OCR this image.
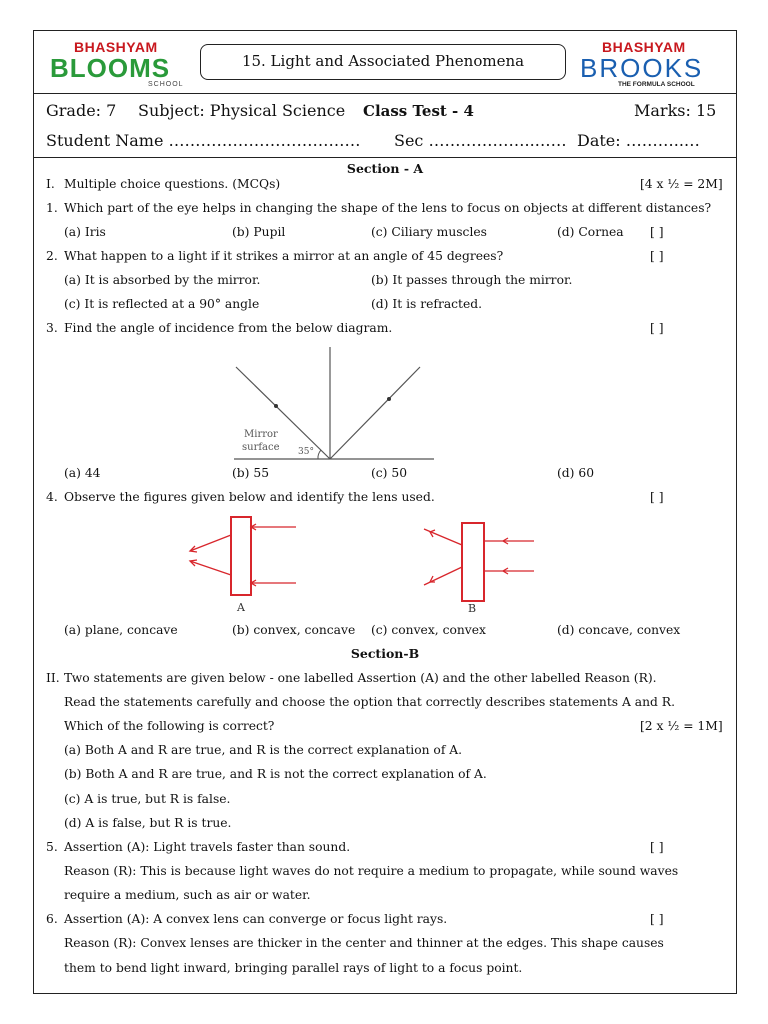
BHASHYAM
BLOOMS
SCHOOL
15. Light and Associated Phenomena
BHASHYAM
BROOKS
THE FORMULA SCHOOL
Grade: 7 Subject: Physical Science Class Test - 4	Marks: 15
Student Name ……………………………… Sec ………………..…… Date: ………..…
Section - A
I. Multiple choice questions. (MCQs)	[4 x ½ = 2M]
1. Which part of the eye helps in changing the shape of the lens to focus on objects at different distances?
(a) Iris	(b) Pupil	(c) Ciliary muscles	(d) Cornea [ ]
2. What happen to a light if it strikes a mirror at an angle of 45 degrees?	[ ]
(a) It is absorbed by the mirror.	(b) It passes through the mirror.
(c) It is reflected at a 90° angle	(d) It is refracted.
3. Find the angle of incidence from the below diagram.	[ ]
Mirror
surface 35°
(a) 44	(b) 55	(c) 50	(d) 60
4. Observe the figures given below and identify the lens used.	[ ]
A	B
(a) plane, concave	(b) convex, concave (c) convex, convex	(d) concave, convex
Section-B
II. Two statements are given below - one labelled Assertion (A) and the other labelled Reason (R).
Read the statements carefully and choose the option that correctly describes statements A and R.
Which of the following is correct?	[2 x ½ = 1M]
(a) Both A and R are true, and R is the correct explanation of A.
(b) Both A and R are true, and R is not the correct explanation of A.
(c) A is true, but R is false.
(d) A is false, but R is true.
5. Assertion (A): Light travels faster than sound.	[ ]
Reason (R): This is because light waves do not require a medium to propagate, while sound waves
require a medium, such as air or water.
6. Assertion (A): A convex lens can converge or focus light rays.	[ ]
Reason (R): Convex lenses are thicker in the center and thinner at the edges. This shape causes
them to bend light inward, bringing parallel rays of light to a focus point.
